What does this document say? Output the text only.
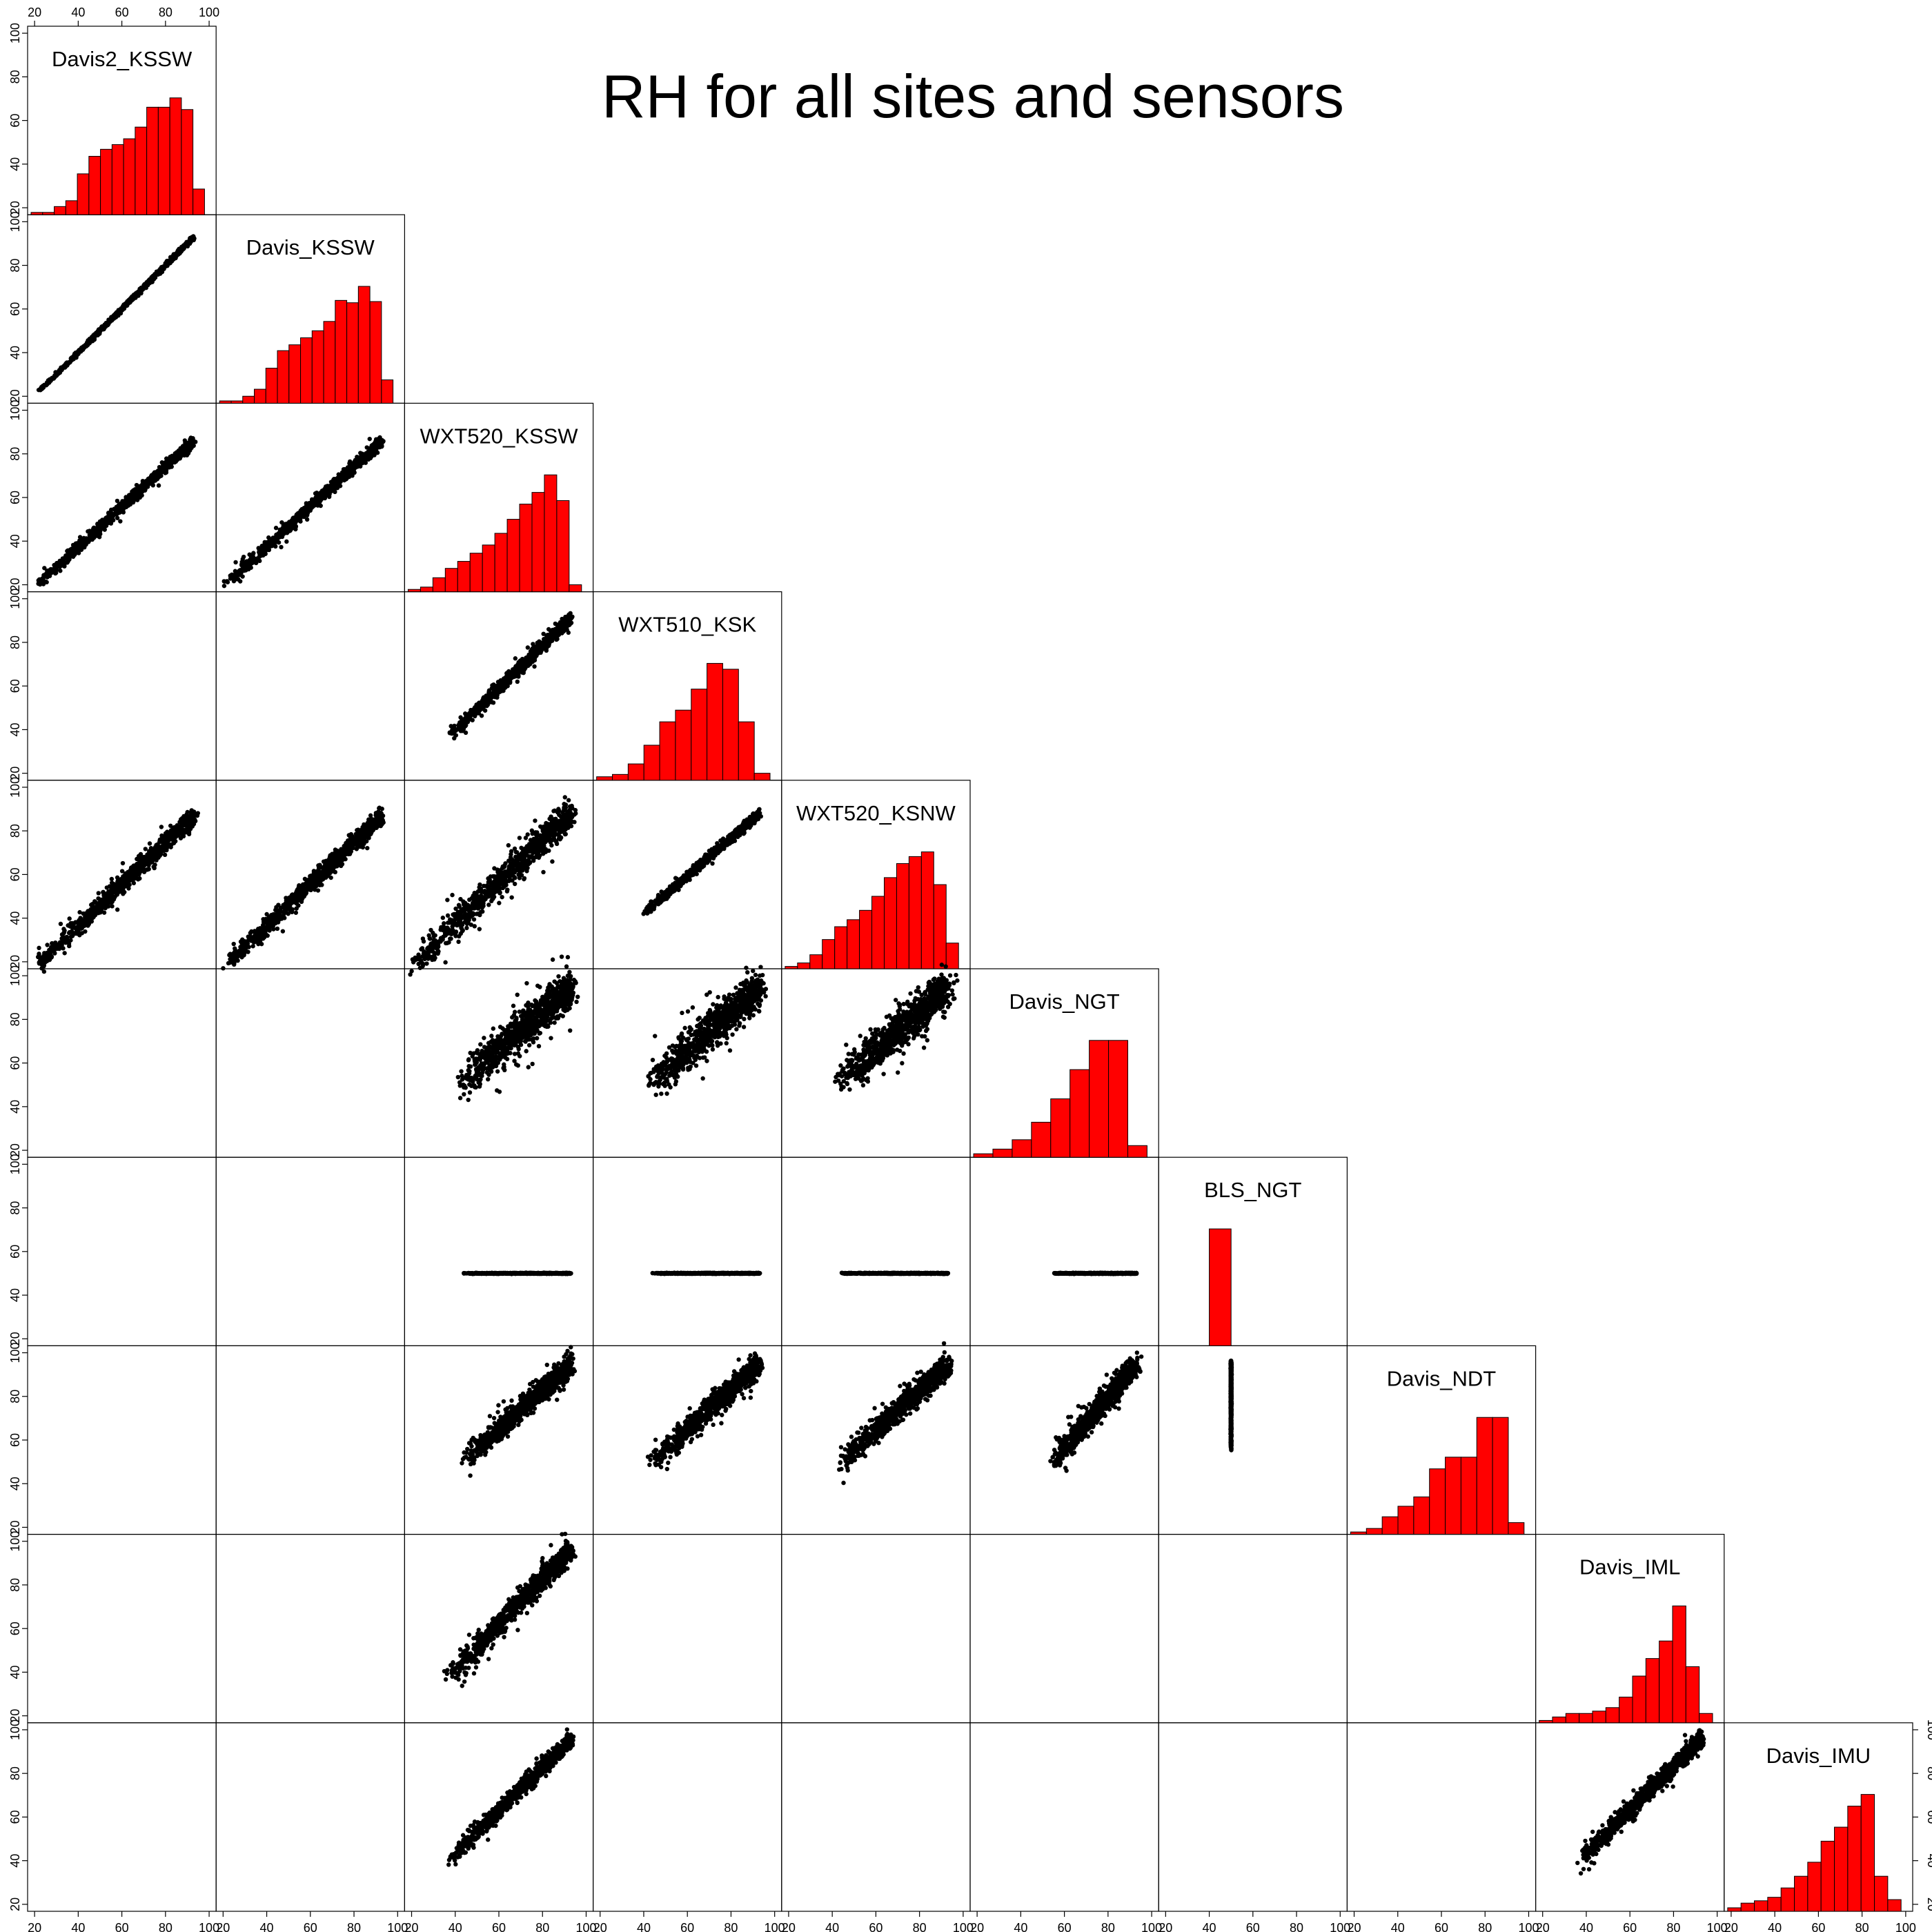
RH for all sites and sensors
Davis2_KSSW
Davis_KSSW
WXT520_KSSW
WXT510_KSK
WXT520_KSNW
Davis_NGT
BLS_NGT
Davis_NDT
Davis_IML
Davis_IMU
20
40
60
80
100
20
40
60
80
100
20
40
60
80
100
20
40
60
80
100
20
40
60
80
100
20
40
60
80
100
20
40
60
80
100
20
40
60
80
100
20
40
60
80
100
20
40
60
80
100
20 40 60 80 100
20 40 60 80 100
20 40 60 80 100
20 40 60 80 100
20 40 60 80 100
20 40 60 80 100
20 40 60 80 100
20 40 60 80 100
20 40 60 80 100
20 40 60 80 100
20 40 60 80 100
20
40
60
80
100
